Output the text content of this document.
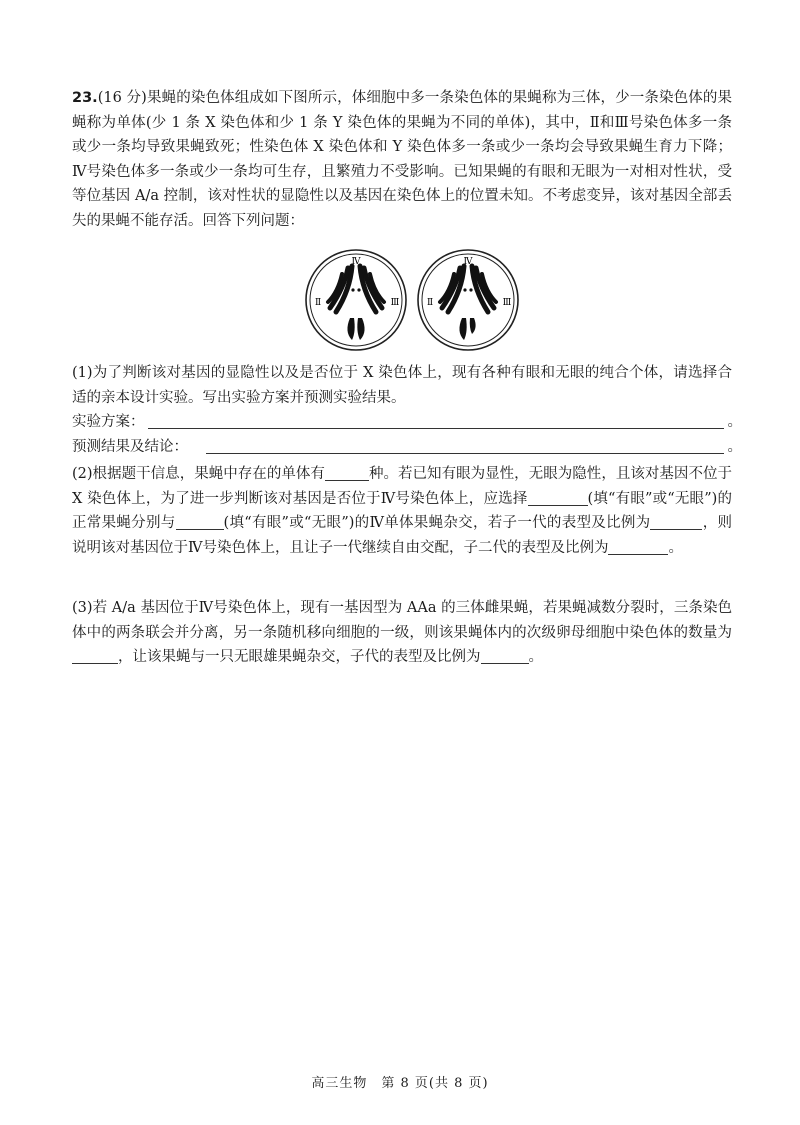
23.(16 分)果蝇的染色体组成如下图所示，体细胞中多一条染色体的果蝇称为三体，少一条染色体的果蝇称为单体(少 1 条 X 染色体和少 1 条 Y 染色体的果蝇为不同的单体)，其中，Ⅱ和Ⅲ号染色体多一条或少一条均导致果蝇致死；性染色体 X 染色体和 Y 染色体多一条或少一条均会导致果蝇生育力下降；Ⅳ号染色体多一条或少一条均可生存，且繁殖力不受影响。已知果蝇的有眼和无眼为一对相对性状，受等位基因 A/a 控制，该对性状的显隐性以及基因在染色体上的位置未知。不考虑变异，该对基因全部丢失的果蝇不能存活。回答下列问题：

Ⅳ
Ⅱ	Ⅲ
Ⅳ
Ⅱ	Ⅲ

(1)为了判断该对基因的显隐性以及是否位于 X 染色体上，现有各种有眼和无眼的纯合个体，请选择合适的亲本设计实验。写出实验方案并预测实验结果。

实验方案：	。
预测结果及结论：	。

(2)根据题干信息，果蝇中存在的单体有	种。若已知有眼为显性，无眼为隐性，且该对基因不位于 X 染色体上，为了进一步判断该对基因是否位于Ⅳ号染色体上，应选择	(填“有眼”或“无眼”)的正常果蝇分别与	(填“有眼”或“无眼”)的Ⅳ单体果蝇杂交，若子一代的表型及比例为	，则说明该对基因位于Ⅳ号染色体上，且让子一代继续自由交配，子二代的表型及比例为	。

(3)若 A/a 基因位于Ⅳ号染色体上，现有一基因型为 AAa 的三体雌果蝇，若果蝇减数分裂时，三条染色体中的两条联会并分离，另一条随机移向细胞的一级，则该果蝇体内的次级卵母细胞中染色体的数量为，让该果蝇与一只无眼雄果蝇杂交，子代的表型及比例为	。

高三生物　第 8 页(共 8 页)
